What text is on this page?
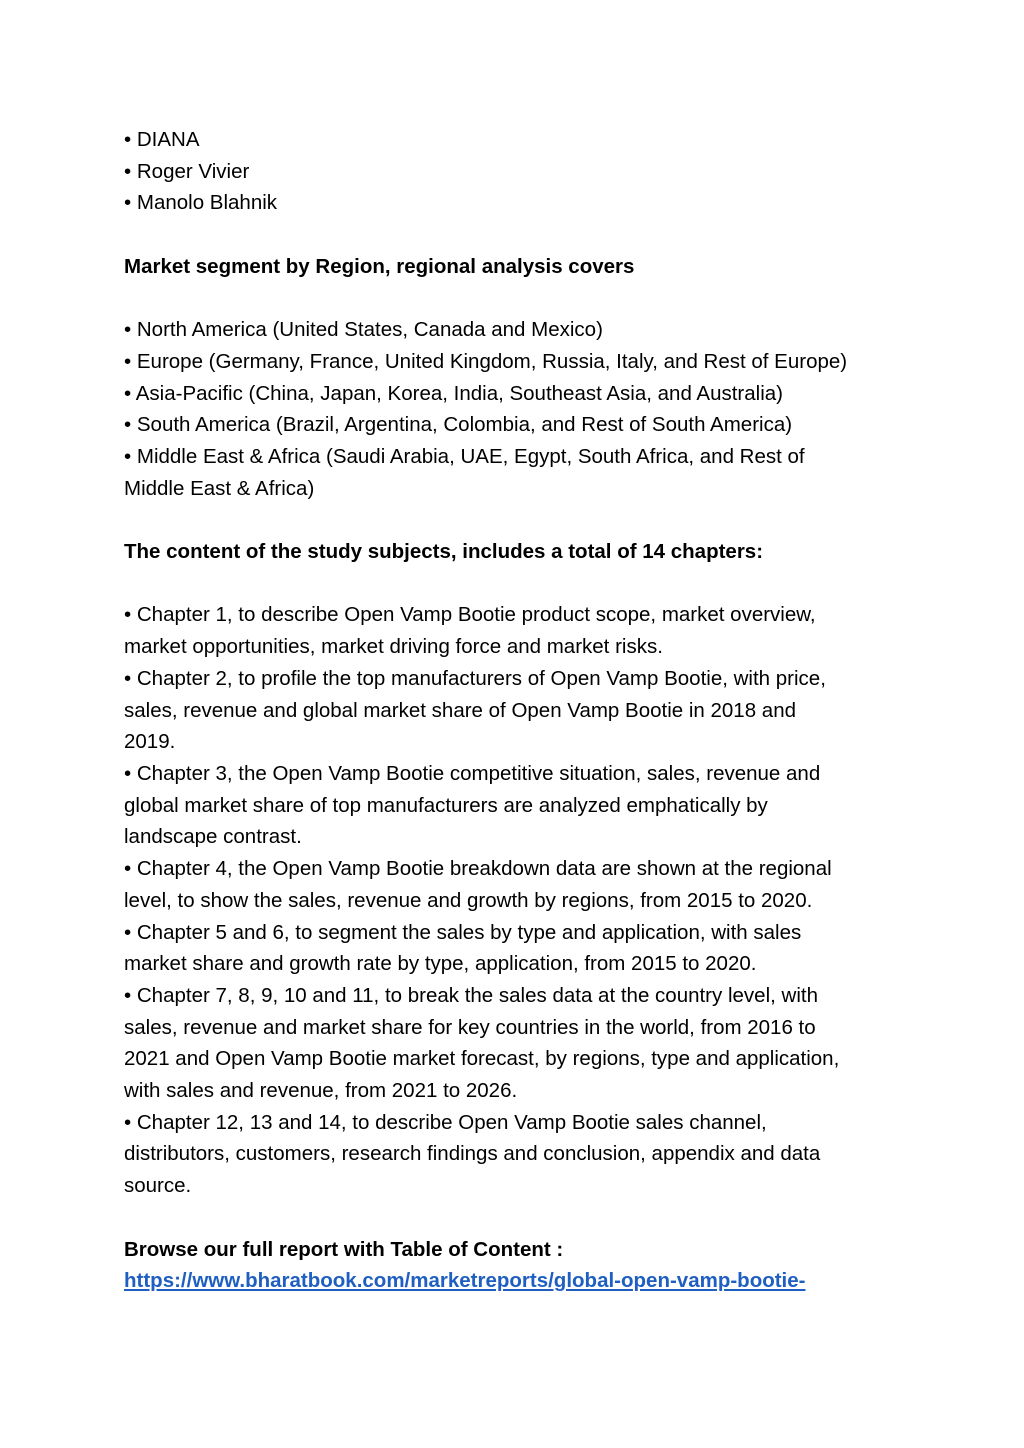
• DIANA

• Roger Vivier

• Manolo Blahnik

Market segment by Region, regional analysis covers

• North America (United States, Canada and Mexico)

• Europe (Germany, France, United Kingdom, Russia, Italy, and Rest of Europe)

• Asia-Pacific (China, Japan, Korea, India, Southeast Asia, and Australia)

• South America (Brazil, Argentina, Colombia, and Rest of South America)

• Middle East & Africa (Saudi Arabia, UAE, Egypt, South Africa, and Rest of

Middle East & Africa)

The content of the study subjects, includes a total of 14 chapters:

• Chapter 1, to describe Open Vamp Bootie product scope, market overview,

market opportunities, market driving force and market risks.

• Chapter 2, to profile the top manufacturers of Open Vamp Bootie, with price,

sales, revenue and global market share of Open Vamp Bootie in 2018 and

2019.

• Chapter 3, the Open Vamp Bootie competitive situation, sales, revenue and

global market share of top manufacturers are analyzed emphatically by

landscape contrast.

• Chapter 4, the Open Vamp Bootie breakdown data are shown at the regional

level, to show the sales, revenue and growth by regions, from 2015 to 2020.

• Chapter 5 and 6, to segment the sales by type and application, with sales

market share and growth rate by type, application, from 2015 to 2020.

• Chapter 7, 8, 9, 10 and 11, to break the sales data at the country level, with

sales, revenue and market share for key countries in the world, from 2016 to

2021 and Open Vamp Bootie market forecast, by regions, type and application,

with sales and revenue, from 2021 to 2026.

• Chapter 12, 13 and 14, to describe Open Vamp Bootie sales channel,

distributors, customers, research findings and conclusion, appendix and data

source.

Browse our full report with Table of Content :

https://www.bharatbook.com/marketreports/global-open-vamp-bootie-
